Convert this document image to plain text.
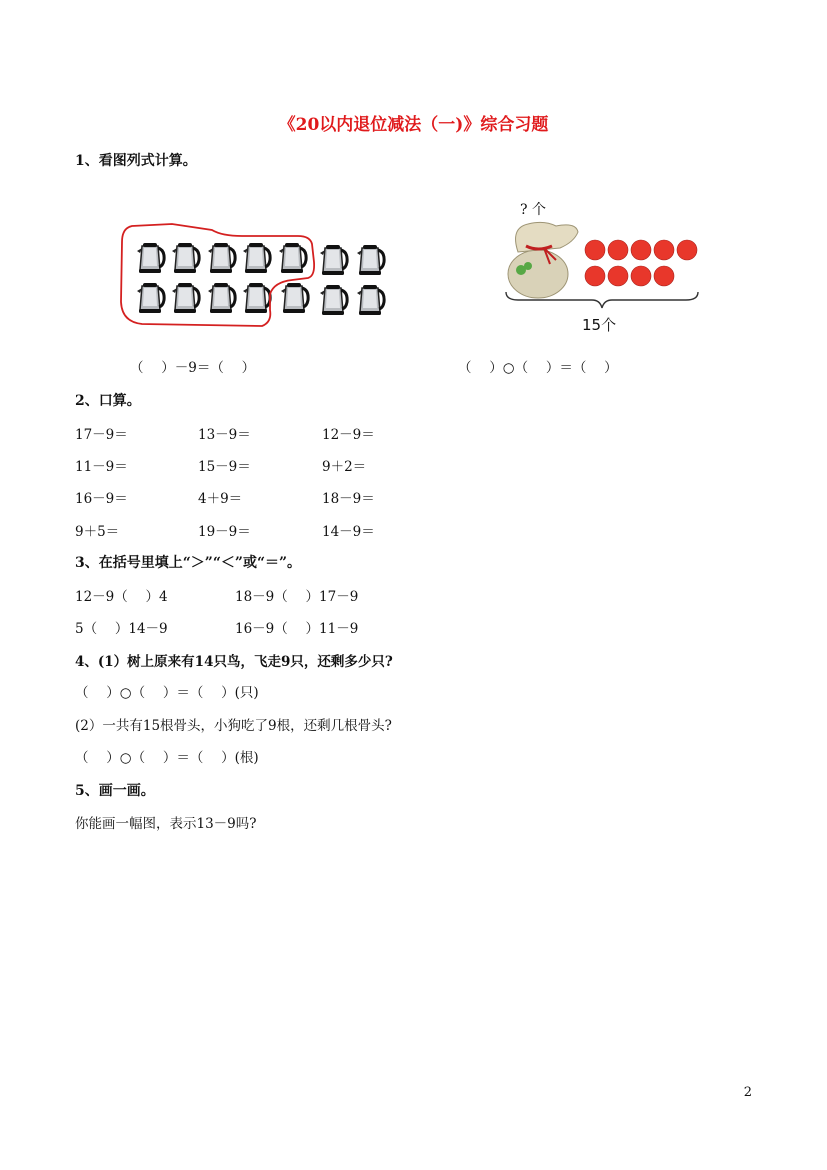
《20以内退位减法（一)》综合习题
1、看图列式计算。
? 个
15个
（　 ）－9＝（　 ）	（　 ）○（　 ）＝（　 ）
2、口算。
17－9＝	13－9＝	12－9＝
11－9＝	15－9＝	9＋2＝
16－9＝	4＋9＝	18－9＝
9＋5＝	19－9＝	14－9＝
3、在括号里填上“＞”“＜”或“＝”。
12－9（　 ）4	18－9（　 ）17－9
5（　 ）14－9	16－9（　 ）11－9
4、(1）树上原来有14只鸟，飞走9只，还剩多少只?
（　 ）○（　 ）＝（　 ）(只)
(2）一共有15根骨头，小狗吃了9根，还剩几根骨头?
（　 ）○（　 ）＝（　 ）(根)
5、画一画。
你能画一幅图，表示13－9吗?
2
